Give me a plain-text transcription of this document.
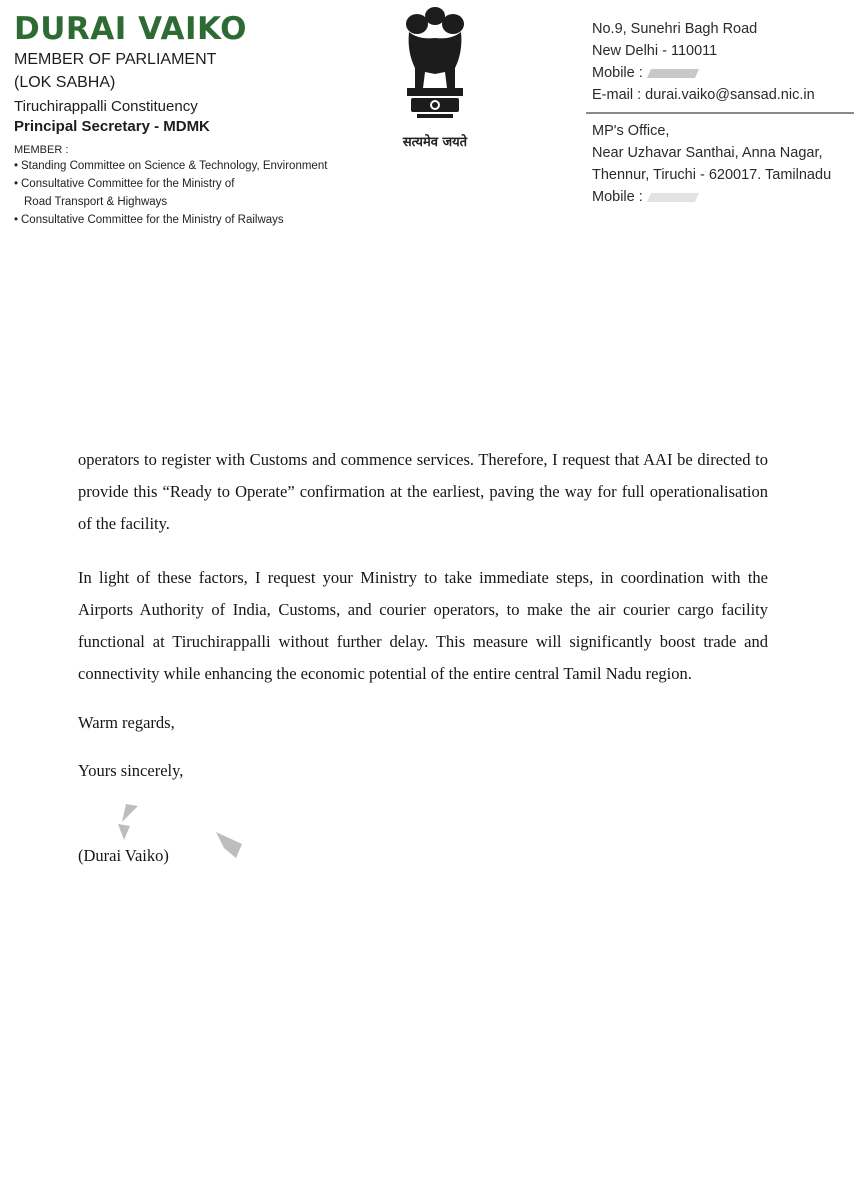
DURAI VAIKO
MEMBER OF PARLIAMENT
(LOK SABHA)
Tiruchirappalli Constituency
Principal Secretary - MDMK
MEMBER :
• Standing Committee on Science & Technology, Environment
• Consultative Committee for the Ministry of
Road Transport & Highways
• Consultative Committee for the Ministry of Railways
सत्यमेव जयते
No.9, Sunehri Bagh Road
New Delhi - 110011
Mobile :
E-mail : durai.vaiko@sansad.nic.in
MP's Office,
Near Uzhavar Santhai, Anna Nagar,
Thennur, Tiruchi - 620017. Tamilnadu
Mobile :

operators to register with Customs and commence services. Therefore, I request that AAI be directed to provide this “Ready to Operate” confirmation at the earliest, paving the way for full operationalisation of the facility.

In light of these factors, I request your Ministry to take immediate steps, in coordination with the Airports Authority of India, Customs, and courier operators, to make the air courier cargo facility functional at Tiruchirappalli without further delay. This measure will significantly boost trade and connectivity while enhancing the economic potential of the entire central Tamil Nadu region.

Warm regards,

Yours sincerely,

(Durai Vaiko)
